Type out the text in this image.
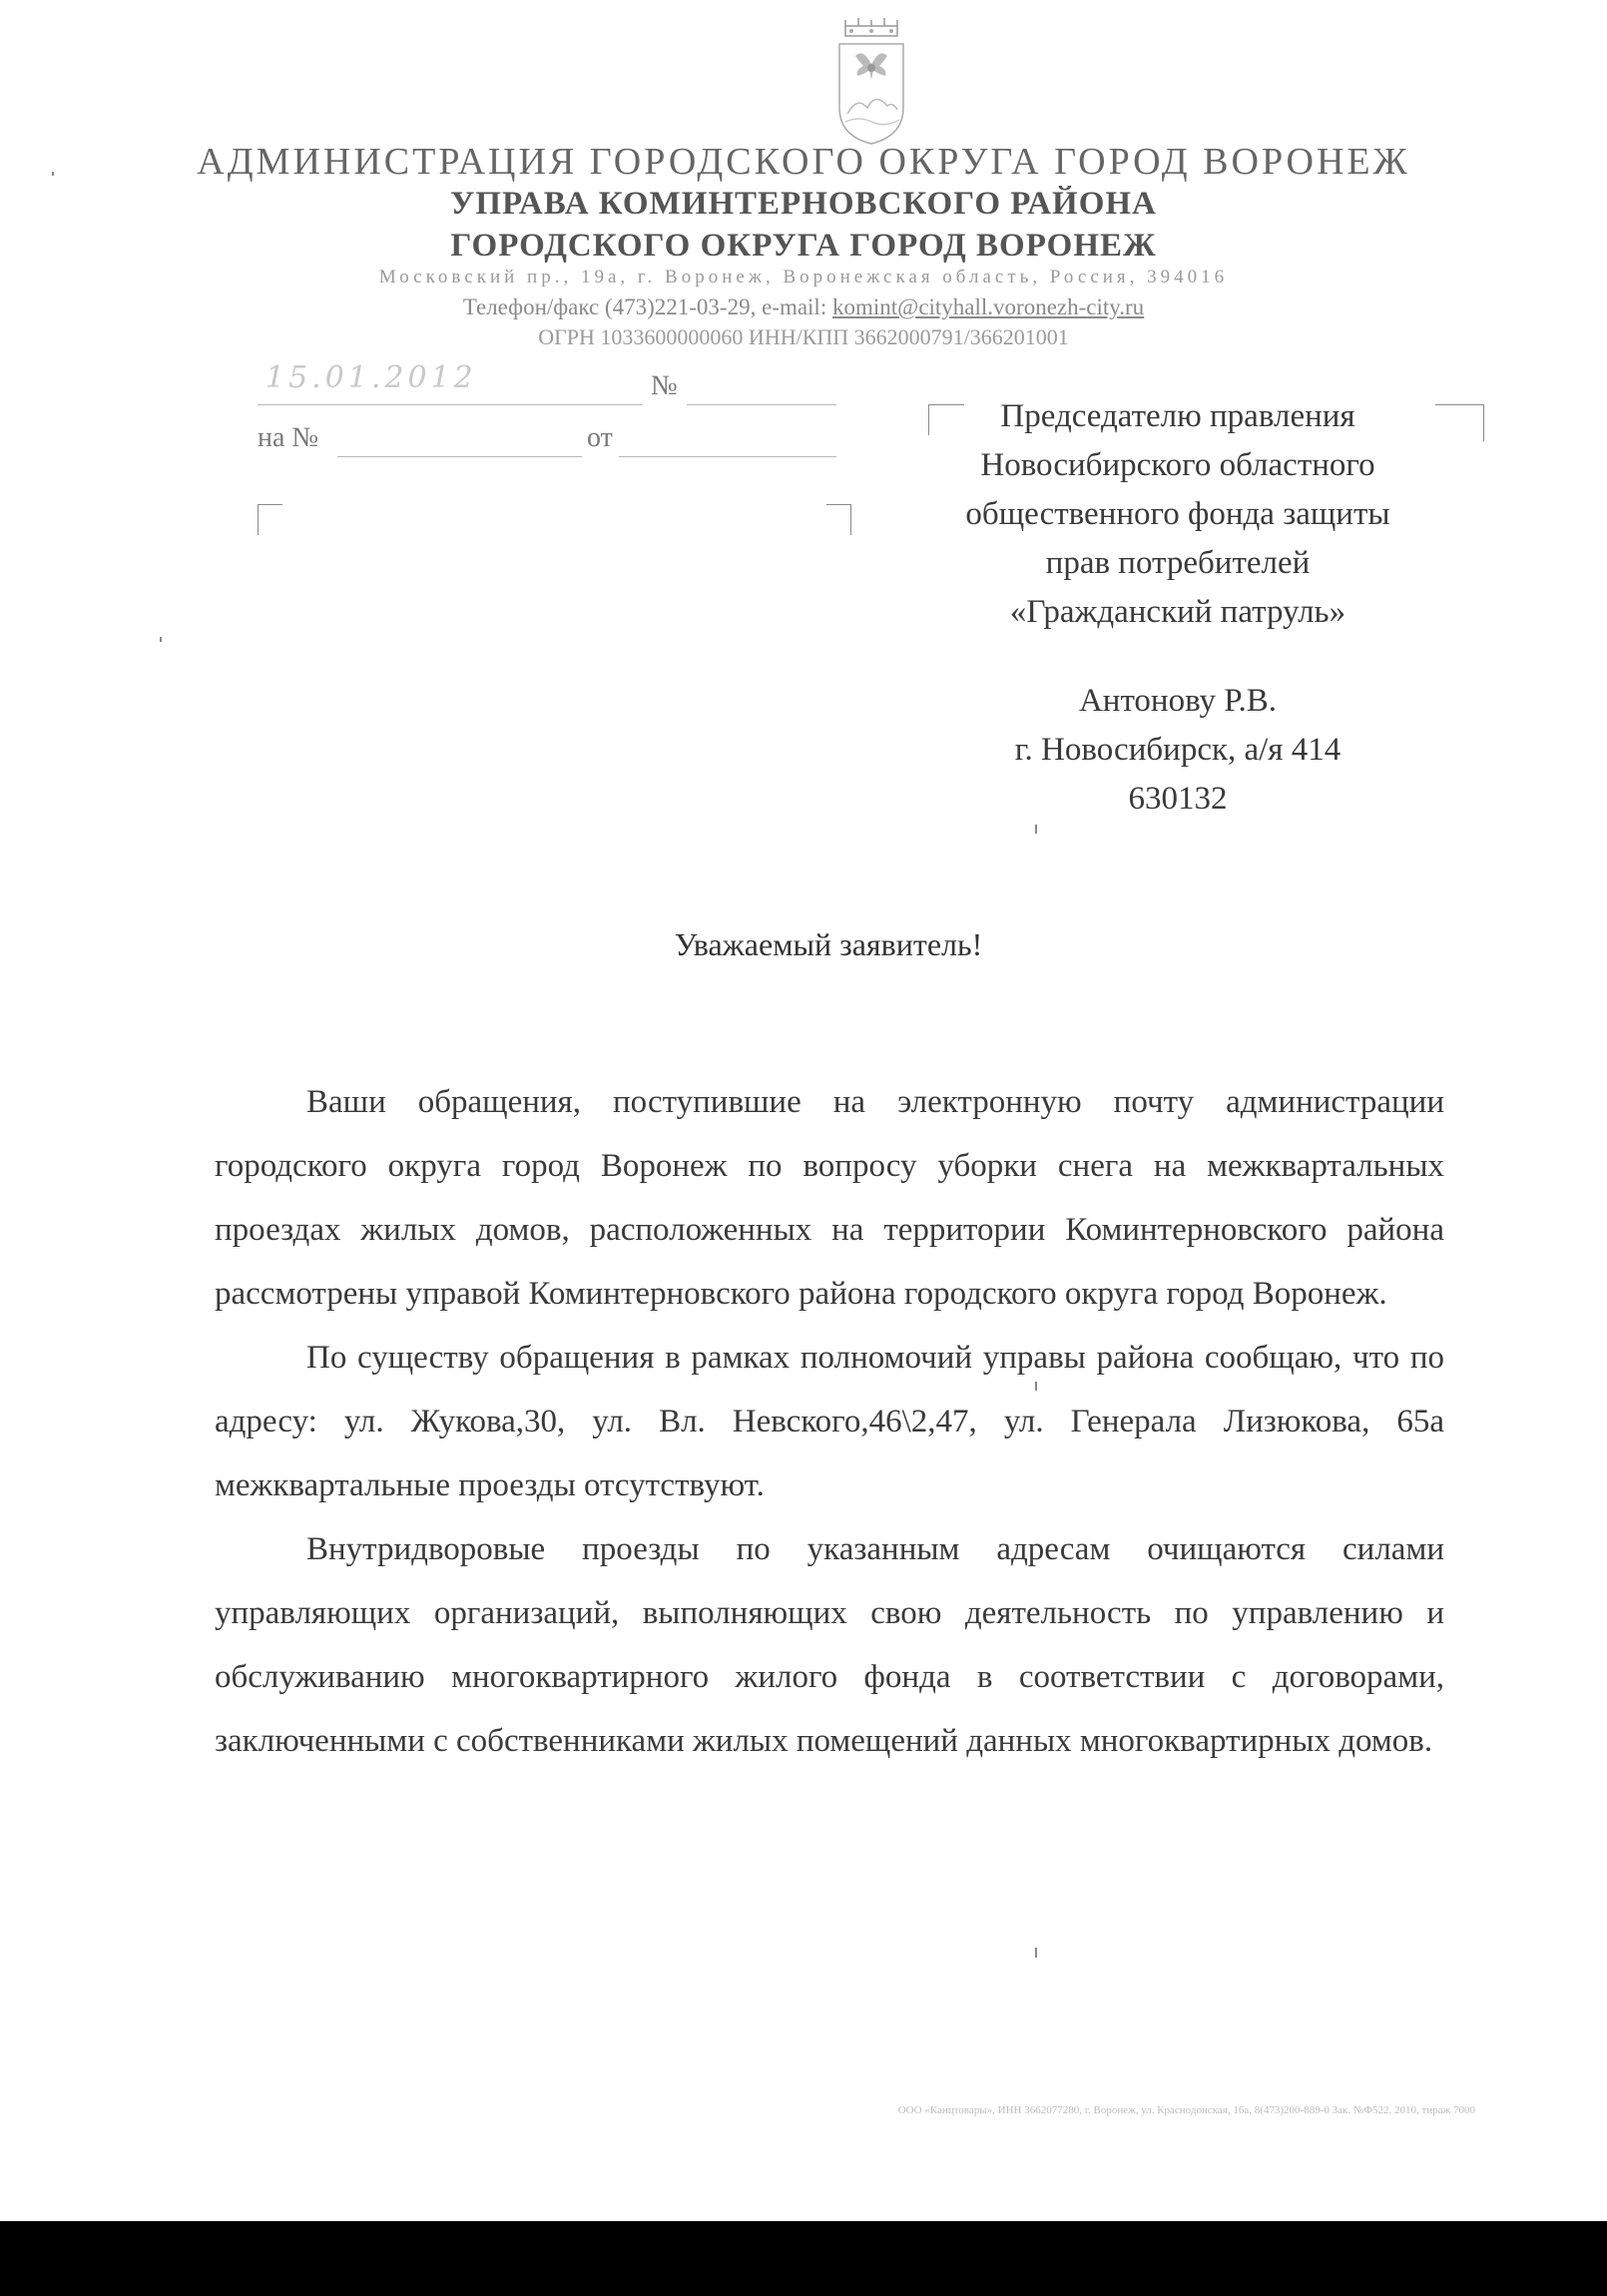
АДМИНИСТРАЦИЯ ГОРОДСКОГО ОКРУГА ГОРОД ВОРОНЕЖ
УПРАВА КОМИНТЕРНОВСКОГО РАЙОНА
ГОРОДСКОГО ОКРУГА ГОРОД ВОРОНЕЖ
Московский пр., 19а, г. Воронеж, Воронежская область, Россия, 394016
Телефон/факс (473)221-03-29, e-mail: komint@cityhall.voronezh-city.ru
ОГРН 1033600000060 ИНН/КПП 3662000791/366201001
15.01.2012	№
на №	от
Председателю правления
Новосибирского областного
общественного фонда защиты
прав потребителей
«Гражданский патруль»
Антонову Р.В.
г. Новосибирск, а/я 414
630132
Уважаемый заявитель!

Ваши обращения, поступившие на электронную почту администрации городского округа город Воронеж по вопросу уборки снега на межквартальных проездах жилых домов, расположенных на территории Коминтерновского района рассмотрены управой Коминтерновского района городского округа город Воронеж.

По существу обращения в рамках полномочий управы района сообщаю, что по адресу: ул. Жукова,30, ул. Вл. Невского,46\2,47, ул. Генерала Лизюкова, 65а межквартальные проезды отсутствуют.

Внутридворовые проезды по указанным адресам очищаются силами управляющих организаций, выполняющих свою деятельность по управлению и обслуживанию многоквартирного жилого фонда в соответствии с договорами, заключенными с собственниками жилых помещений данных многоквартирных домов.

ООО «Канцтовары», ИНН 3662077280, г. Воронеж, ул. Краснодонская, 16а, 8(473)200-889-0 Зак. №Ф522. 2010, тираж 7000
